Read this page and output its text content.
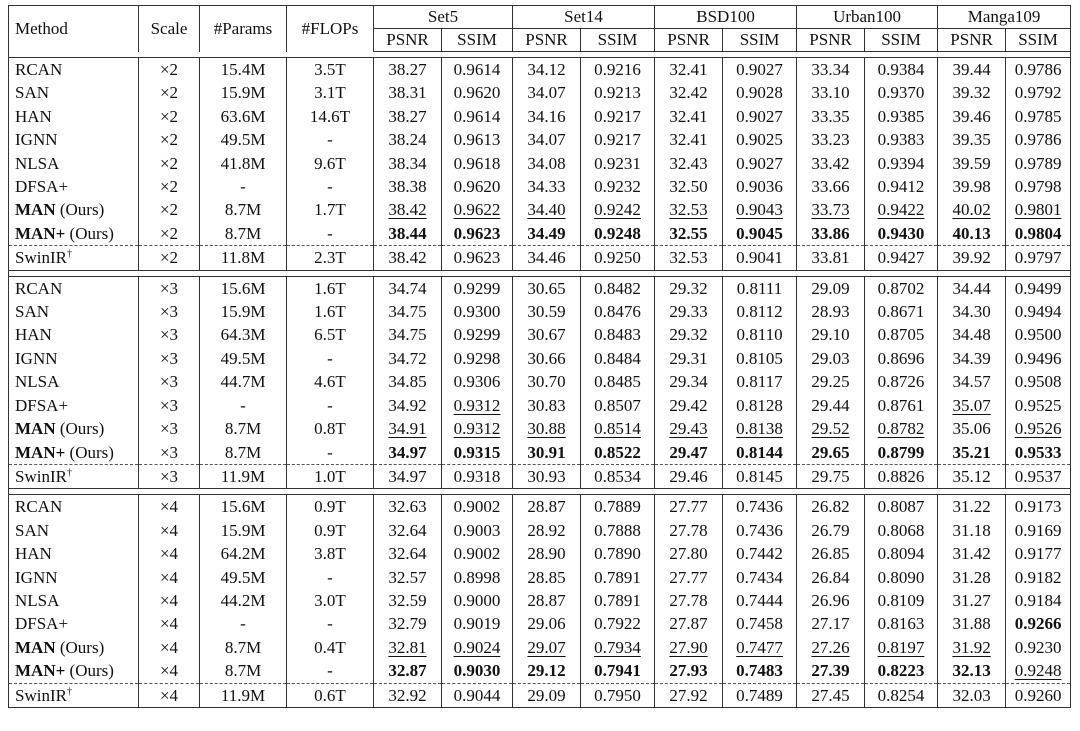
Method	Scale	#Params	#FLOPs	Set5		Set14		BSD100		Urban100		Manga109	
				PSNR	SSIM	PSNR	SSIM	PSNR	SSIM	PSNR	SSIM	PSNR	SSIM

RCAN	×2	15.4M	3.5T	38.27	0.9614	34.12	0.9216	32.41	0.9027	33.34	0.9384	39.44	0.9786
SAN	×2	15.9M	3.1T	38.31	0.9620	34.07	0.9213	32.42	0.9028	33.10	0.9370	39.32	0.9792
HAN	×2	63.6M	14.6T	38.27	0.9614	34.16	0.9217	32.41	0.9027	33.35	0.9385	39.46	0.9785
IGNN	×2	49.5M	-	38.24	0.9613	34.07	0.9217	32.41	0.9025	33.23	0.9383	39.35	0.9786
NLSA	×2	41.8M	9.6T	38.34	0.9618	34.08	0.9231	32.43	0.9027	33.42	0.9394	39.59	0.9789
DFSA+	×2	-	-	38.38	0.9620	34.33	0.9232	32.50	0.9036	33.66	0.9412	39.98	0.9798
MAN (Ours)	×2	8.7M	1.7T	38.42	0.9622	34.40	0.9242	32.53	0.9043	33.73	0.9422	40.02	0.9801
MAN+ (Ours)	×2	8.7M	-	38.44	0.9623	34.49	0.9248	32.55	0.9045	33.86	0.9430	40.13	0.9804
SwinIR†	×2	11.8M	2.3T	38.42	0.9623	34.46	0.9250	32.53	0.9041	33.81	0.9427	39.92	0.9797

RCAN	×3	15.6M	1.6T	34.74	0.9299	30.65	0.8482	29.32	0.8111	29.09	0.8702	34.44	0.9499
SAN	×3	15.9M	1.6T	34.75	0.9300	30.59	0.8476	29.33	0.8112	28.93	0.8671	34.30	0.9494
HAN	×3	64.3M	6.5T	34.75	0.9299	30.67	0.8483	29.32	0.8110	29.10	0.8705	34.48	0.9500
IGNN	×3	49.5M	-	34.72	0.9298	30.66	0.8484	29.31	0.8105	29.03	0.8696	34.39	0.9496
NLSA	×3	44.7M	4.6T	34.85	0.9306	30.70	0.8485	29.34	0.8117	29.25	0.8726	34.57	0.9508
DFSA+	×3	-	-	34.92	0.9312	30.83	0.8507	29.42	0.8128	29.44	0.8761	35.07	0.9525
MAN (Ours)	×3	8.7M	0.8T	34.91	0.9312	30.88	0.8514	29.43	0.8138	29.52	0.8782	35.06	0.9526
MAN+ (Ours)	×3	8.7M	-	34.97	0.9315	30.91	0.8522	29.47	0.8144	29.65	0.8799	35.21	0.9533
SwinIR†	×3	11.9M	1.0T	34.97	0.9318	30.93	0.8534	29.46	0.8145	29.75	0.8826	35.12	0.9537

RCAN	×4	15.6M	0.9T	32.63	0.9002	28.87	0.7889	27.77	0.7436	26.82	0.8087	31.22	0.9173
SAN	×4	15.9M	0.9T	32.64	0.9003	28.92	0.7888	27.78	0.7436	26.79	0.8068	31.18	0.9169
HAN	×4	64.2M	3.8T	32.64	0.9002	28.90	0.7890	27.80	0.7442	26.85	0.8094	31.42	0.9177
IGNN	×4	49.5M	-	32.57	0.8998	28.85	0.7891	27.77	0.7434	26.84	0.8090	31.28	0.9182
NLSA	×4	44.2M	3.0T	32.59	0.9000	28.87	0.7891	27.78	0.7444	26.96	0.8109	31.27	0.9184
DFSA+	×4	-	-	32.79	0.9019	29.06	0.7922	27.87	0.7458	27.17	0.8163	31.88	0.9266
MAN (Ours)	×4	8.7M	0.4T	32.81	0.9024	29.07	0.7934	27.90	0.7477	27.26	0.8197	31.92	0.9230
MAN+ (Ours)	×4	8.7M	-	32.87	0.9030	29.12	0.7941	27.93	0.7483	27.39	0.8223	32.13	0.9248
SwinIR†	×4	11.9M	0.6T	32.92	0.9044	29.09	0.7950	27.92	0.7489	27.45	0.8254	32.03	0.9260
